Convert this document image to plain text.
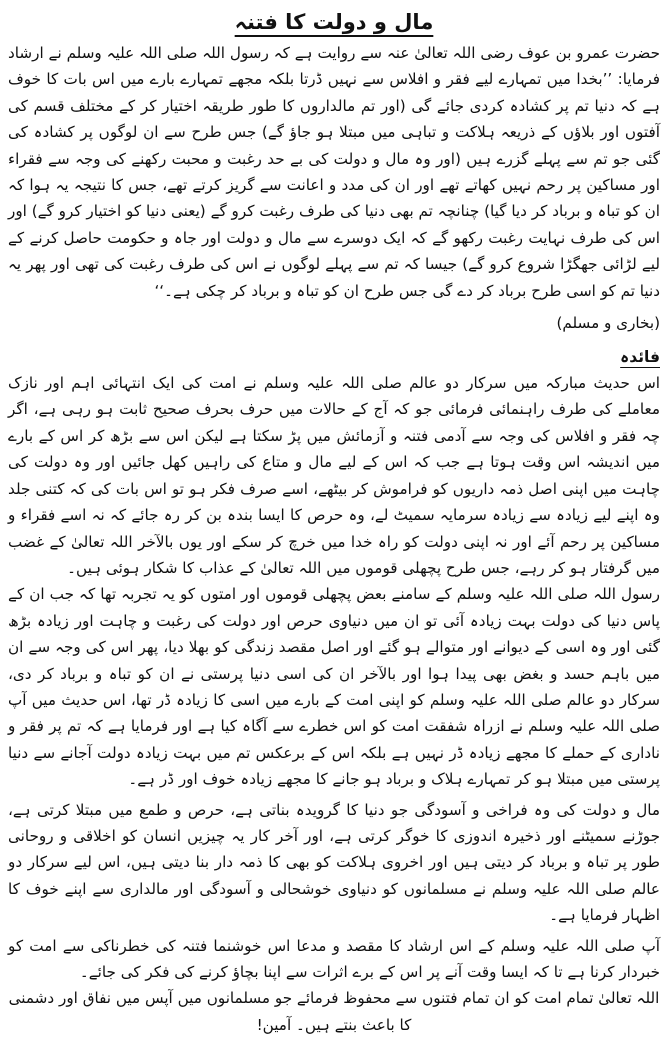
مال و دولت کا فتنہ

حضرت عمرو بن عوف رضی اللہ تعالیٰ عنہ سے روایت ہے کہ رسول اللہ صلی اللہ علیہ وسلم نے ارشاد فرمایا: ’’بخدا میں تمہارے لیے فقر و افلاس سے نہیں ڈرتا بلکہ مجھے تمہارے بارے میں اس بات کا خوف ہے کہ دنیا تم پر کشادہ کردی جائے گی (اور تم مالداروں کا طور طریقہ اختیار کر کے مختلف قسم کی آفتوں اور بلاؤں کے ذریعہ ہلاکت و تباہی میں مبتلا ہو جاؤ گے) جس طرح سے ان لوگوں پر کشادہ کی گئی جو تم سے پہلے گزرے ہیں (اور وہ مال و دولت کی بے حد رغبت و محبت رکھنے کی وجہ سے فقراء اور مساکین پر رحم نہیں کھاتے تھے اور ان کی مدد و اعانت سے گریز کرتے تھے، جس کا نتیجہ یہ ہوا کہ ان کو تباہ و برباد کر دیا گیا) چنانچہ تم بھی دنیا کی طرف رغبت کرو گے (یعنی دنیا کو اختیار کرو گے) اور اس کی طرف نہایت رغبت رکھو گے کہ ایک دوسرے سے مال و دولت اور جاہ و حکومت حاصل کرنے کے لیے لڑائی جھگڑا شروع کرو گے) جیسا کہ تم سے پہلے لوگوں نے اس کی طرف رغبت کی تھی اور پھر یہ دنیا تم کو اسی طرح برباد کر دے گی جس طرح ان کو تباہ و برباد کر چکی ہے۔‘‘

(بخاری و مسلم)
فائدہ

اس حدیث مبارکہ میں سرکار دو عالم صلی اللہ علیہ وسلم نے امت کی ایک انتہائی اہم اور نازک معاملے کی طرف راہنمائی فرمائی جو کہ آج کے حالات میں حرف بحرف صحیح ثابت ہو رہی ہے، اگر چہ فقر و افلاس کی وجہ سے آدمی فتنہ و آزمائش میں پڑ سکتا ہے لیکن اس سے بڑھ کر اس کے بارے میں اندیشہ اس وقت ہوتا ہے جب کہ اس کے لیے مال و متاع کی راہیں کھل جائیں اور وہ دولت کی چاہت میں اپنی اصل ذمہ داریوں کو فراموش کر بیٹھے، اسے صرف فکر ہو تو اس بات کی کہ کتنی جلد وہ اپنے لیے زیادہ سے زیادہ سرمایہ سمیٹ لے، وہ حرص کا ایسا بندہ بن کر رہ جائے کہ نہ اسے فقراء و مساکین پر رحم آئے اور نہ اپنی دولت کو راہ خدا میں خرچ کر سکے اور یوں بالآخر اللہ تعالیٰ کے غضب میں گرفتار ہو کر رہے، جس طرح پچھلی قوموں میں اللہ تعالیٰ کے عذاب کا شکار ہوئی ہیں۔

رسول اللہ صلی اللہ علیہ وسلم کے سامنے بعض پچھلی قوموں اور امتوں کو یہ تجربہ تھا کہ جب ان کے پاس دنیا کی دولت بہت زیادہ آئی تو ان میں دنیاوی حرص اور دولت کی رغبت و چاہت اور زیادہ بڑھ گئی اور وہ اسی کے دیوانے اور متوالے ہو گئے اور اصل مقصد زندگی کو بھلا دیا، پھر اس کی وجہ سے ان میں باہم حسد و بغض بھی پیدا ہوا اور بالآخر ان کی اسی دنیا پرستی نے ان کو تباہ و برباد کر دی، سرکار دو عالم صلی اللہ علیہ وسلم کو اپنی امت کے بارے میں اسی کا زیادہ ڈر تھا، اس حدیث میں آپ صلی اللہ علیہ وسلم نے ازراہ شفقت امت کو اس خطرے سے آگاہ کیا ہے اور فرمایا ہے کہ تم پر فقر و ناداری کے حملے کا مجھے زیادہ ڈر نہیں ہے بلکہ اس کے برعکس تم میں بہت زیادہ دولت آجانے سے دنیا پرستی میں مبتلا ہو کر تمہارے ہلاک و برباد ہو جانے کا مجھے زیادہ خوف اور ڈر ہے۔

مال و دولت کی وہ فراخی و آسودگی جو دنیا کا گرویدہ بناتی ہے، حرص و طمع میں مبتلا کرتی ہے، جوڑنے سمیٹنے اور ذخیرہ اندوزی کا خوگر کرتی ہے، اور آخر کار یہ چیزیں انسان کو اخلاقی و روحانی طور پر تباہ و برباد کر دیتی ہیں اور اخروی ہلاکت کو بھی کا ذمہ دار بنا دیتی ہیں، اس لیے سرکار دو عالم صلی اللہ علیہ وسلم نے مسلمانوں کو دنیاوی خوشحالی و آسودگی اور مالداری سے اپنے خوف کا اظہار فرمایا ہے۔

آپ صلی اللہ علیہ وسلم کے اس ارشاد کا مقصد و مدعا اس خوشنما فتنہ کی خطرناکی سے امت کو خبردار کرنا ہے تا کہ ایسا وقت آنے پر اس کے برے اثرات سے اپنا بچاؤ کرنے کی فکر کی جائے۔

اللہ تعالیٰ تمام امت کو ان تمام فتنوں سے محفوظ فرمائے جو مسلمانوں میں آپس میں نفاق اور دشمنی کا باعث بنتے ہیں۔ آمین!
